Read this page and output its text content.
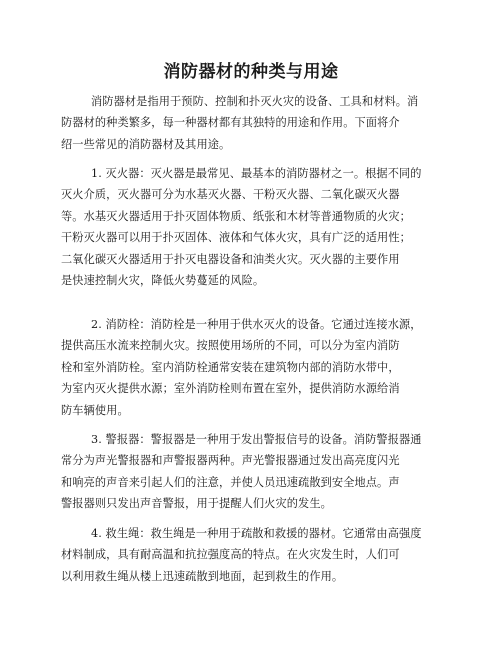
消防器材的种类与用途
消防器材是指用于预防、控制和扑灭火灾的设备、工具和材料。消
防器材的种类繁多，每一种器材都有其独特的用途和作用。下面将介
绍一些常见的消防器材及其用途。
1. 灭火器：灭火器是最常见、最基本的消防器材之一。根据不同的
灭火介质，灭火器可分为水基灭火器、干粉灭火器、二氧化碳灭火器
等。水基灭火器适用于扑灭固体物质、纸张和木材等普通物质的火灾；
干粉灭火器可以用于扑灭固体、液体和气体火灾，具有广泛的适用性；
二氧化碳灭火器适用于扑灭电器设备和油类火灾。灭火器的主要作用
是快速控制火灾，降低火势蔓延的风险。
2. 消防栓：消防栓是一种用于供水灭火的设备。它通过连接水源，
提供高压水流来控制火灾。按照使用场所的不同，可以分为室内消防
栓和室外消防栓。室内消防栓通常安装在建筑物内部的消防水带中，
为室内灭火提供水源；室外消防栓则布置在室外，提供消防水源给消
防车辆使用。
3. 警报器：警报器是一种用于发出警报信号的设备。消防警报器通
常分为声光警报器和声警报器两种。声光警报器通过发出高亮度闪光
和响亮的声音来引起人们的注意，并使人员迅速疏散到安全地点。声
警报器则只发出声音警报，用于提醒人们火灾的发生。
4. 救生绳：救生绳是一种用于疏散和救援的器材。它通常由高强度
材料制成，具有耐高温和抗拉强度高的特点。在火灾发生时，人们可
以利用救生绳从楼上迅速疏散到地面，起到救生的作用。
